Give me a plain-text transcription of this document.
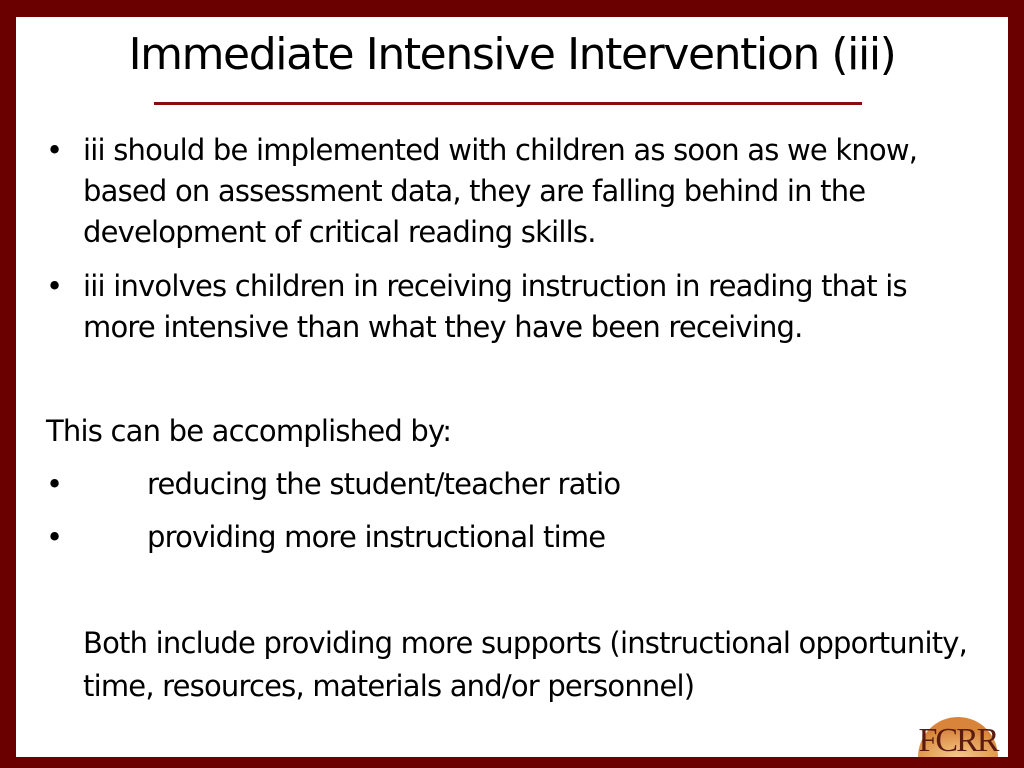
Immediate Intensive Intervention (iii)
• iii should be implemented with children as soon as we know, based on assessment data, they are falling behind in the development of critical reading skills.
• iii involves children in receiving instruction in reading that is more intensive than what they have been receiving.
This can be accomplished by:
•	reducing the student/teacher ratio
•	providing more instructional time
Both include providing more supports (instructional opportunity, time, resources, materials and/or personnel)
FCRR
